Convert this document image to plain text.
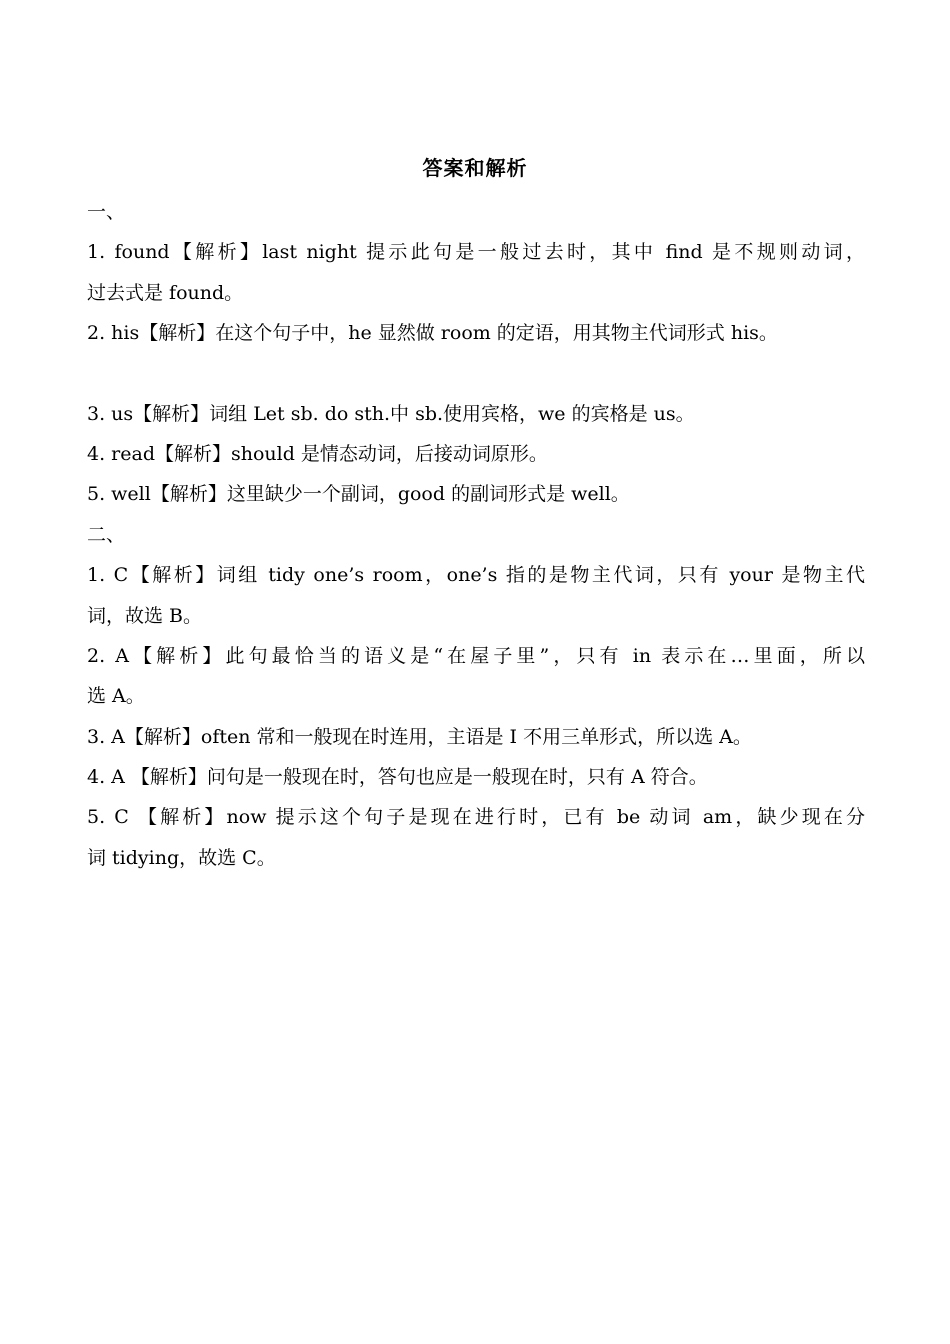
答案和解析
一、
1. found【解析】last night 提示此句是一般过去时，其中 find 是不规则动词，
过去式是 found。
2. his【解析】在这个句子中，he 显然做 room 的定语，用其物主代词形式 his。
3. us【解析】词组 Let sb. do sth.中 sb.使用宾格，we 的宾格是 us。
4. read【解析】should 是情态动词，后接动词原形。
5. well【解析】这里缺少一个副词，good 的副词形式是 well。
二、
1. C【解析】词组 tidy one’s room，one’s 指的是物主代词，只有 your 是物主代
词，故选 B。
2. A【解析】此句最恰当的语义是“在屋子里”，只有 in 表示在…里面，所以
选 A。
3. A【解析】often 常和一般现在时连用，主语是 I 不用三单形式，所以选 A。
4. A 【解析】问句是一般现在时，答句也应是一般现在时，只有 A 符合。
5. C 【解析】now 提示这个句子是现在进行时，已有 be 动词 am，缺少现在分
词 tidying，故选 C。
